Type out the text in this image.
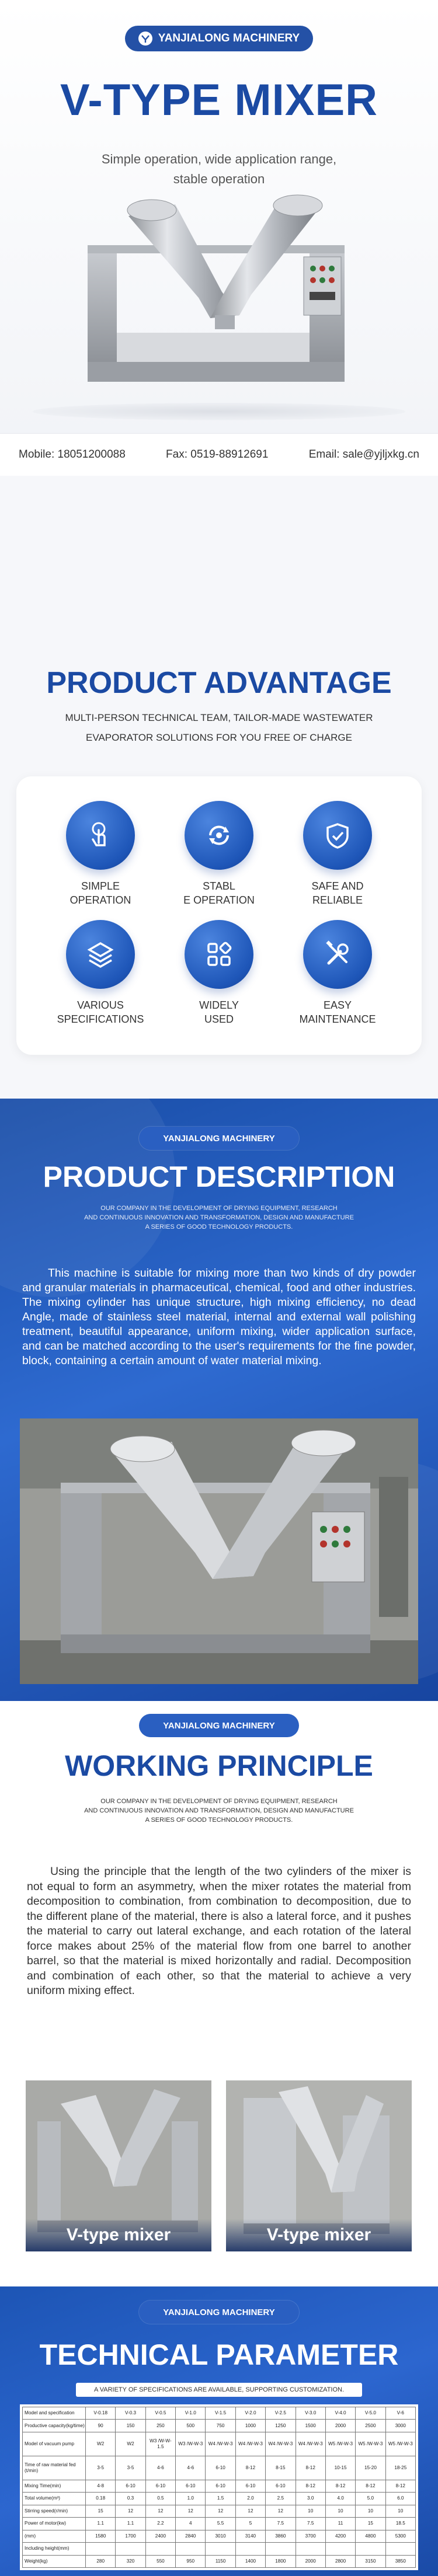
YANJIALONG MACHINERY
V-TYPE MIXER
Simple operation, wide application range,
stable operation
Mobile: 18051200088	Fax: 0519-88912691	Email: sale@yjljxkg.cn
PRODUCT ADVANTAGE
MULTI-PERSON TECHNICAL TEAM, TAILOR-MADE WASTEWATER
EVAPORATOR SOLUTIONS FOR YOU FREE OF CHARGE
SIMPLE
OPERATION
STABL
E OPERATION
SAFE AND
RELIABLE
VARIOUS
SPECIFICATIONS
WIDELY
USED
EASY
MAINTENANCE
YANJIALONG MACHINERY
PRODUCT DESCRIPTION
OUR COMPANY IN THE DEVELOPMENT OF DRYING EQUIPMENT, RESEARCH
AND CONTINUOUS INNOVATION AND TRANSFORMATION, DESIGN AND MANUFACTURE
A SERIES OF GOOD TECHNOLOGY PRODUCTS.

This machine is suitable for mixing more than two kinds of dry powder and granular materials in pharmaceutical, chemical, food and other industries. The mixing cylinder has unique structure, high mixing efficiency, no dead Angle, made of stainless steel material, internal and external wall polishing treatment, beautiful appearance, uniform mixing, wider application surface, and can be matched according to the user's requirements for the fine powder, block, containing a certain amount of water material mixing.

YANJIALONG MACHINERY
WORKING PRINCIPLE
OUR COMPANY IN THE DEVELOPMENT OF DRYING EQUIPMENT, RESEARCH
AND CONTINUOUS INNOVATION AND TRANSFORMATION, DESIGN AND MANUFACTURE
A SERIES OF GOOD TECHNOLOGY PRODUCTS.

Using the principle that the length of the two cylinders of the mixer is not equal to form an asymmetry, when the mixer rotates the material from decomposition to combination, from combination to decomposition, due to the different plane of the material, there is also a lateral force, and it pushes the material to carry out lateral exchange, and each rotation of the lateral force makes about 25% of the material flow from one barrel to another barrel, so that the material is mixed horizontally and radial. Decomposition and combination of each other, so that the material to achieve a very uniform mixing effect.

V-type mixer	V-type mixer
YANJIALONG MACHINERY
TECHNICAL PARAMETER
A VARIETY OF SPECIFICATIONS ARE AVAILABLE, SUPPORTING CUSTOMIZATION.
Model and specification	V-0.18	V-0.3	V-0.5	V-1.0	V-1.5	V-2.0	V-2.5	V-3.0	V-4.0	V-5.0	V-6
Productive capacity(kg/time)	90	150	250	500	750	1000	1250	1500	2000	2500	3000
Model of vacuum pump	W2	W2	W3 /W-W-1.5	W3 /W-W-3	W4 /W-W-3	W4 /W-W-3	W4 /W-W-3	W4 /W-W-3	W5 /W-W-3	W5 /W-W-3	W5 /W-W-3
Time of raw material fed (t/min)	3-5	3-5	4-6	4-6	6-10	8-12	8-15	8-12	10-15	15-20	18-25
Mixing Time(min)	4-8	6-10	6-10	6-10	6-10	6-10	6-10	8-12	8-12	8-12	8-12
Total volume(m³)	0.18	0.3	0.5	1.0	1.5	2.0	2.5	3.0	4.0	5.0	6.0
Stirring speed(r/min)	15	12	12	12	12	12	12	10	10	10	10
Power of motor(kw)	1.1	1.1	2.2	4	5.5	5	7.5	7.5	11	15	18.5
(mm)	1580	1700	2400	2840	3010	3140	3860	3700	4200	4800	5300
Including height(mm)											
Weight(kg)	280	320	550	950	1150	1400	1800	2000	2800	3150	3850
